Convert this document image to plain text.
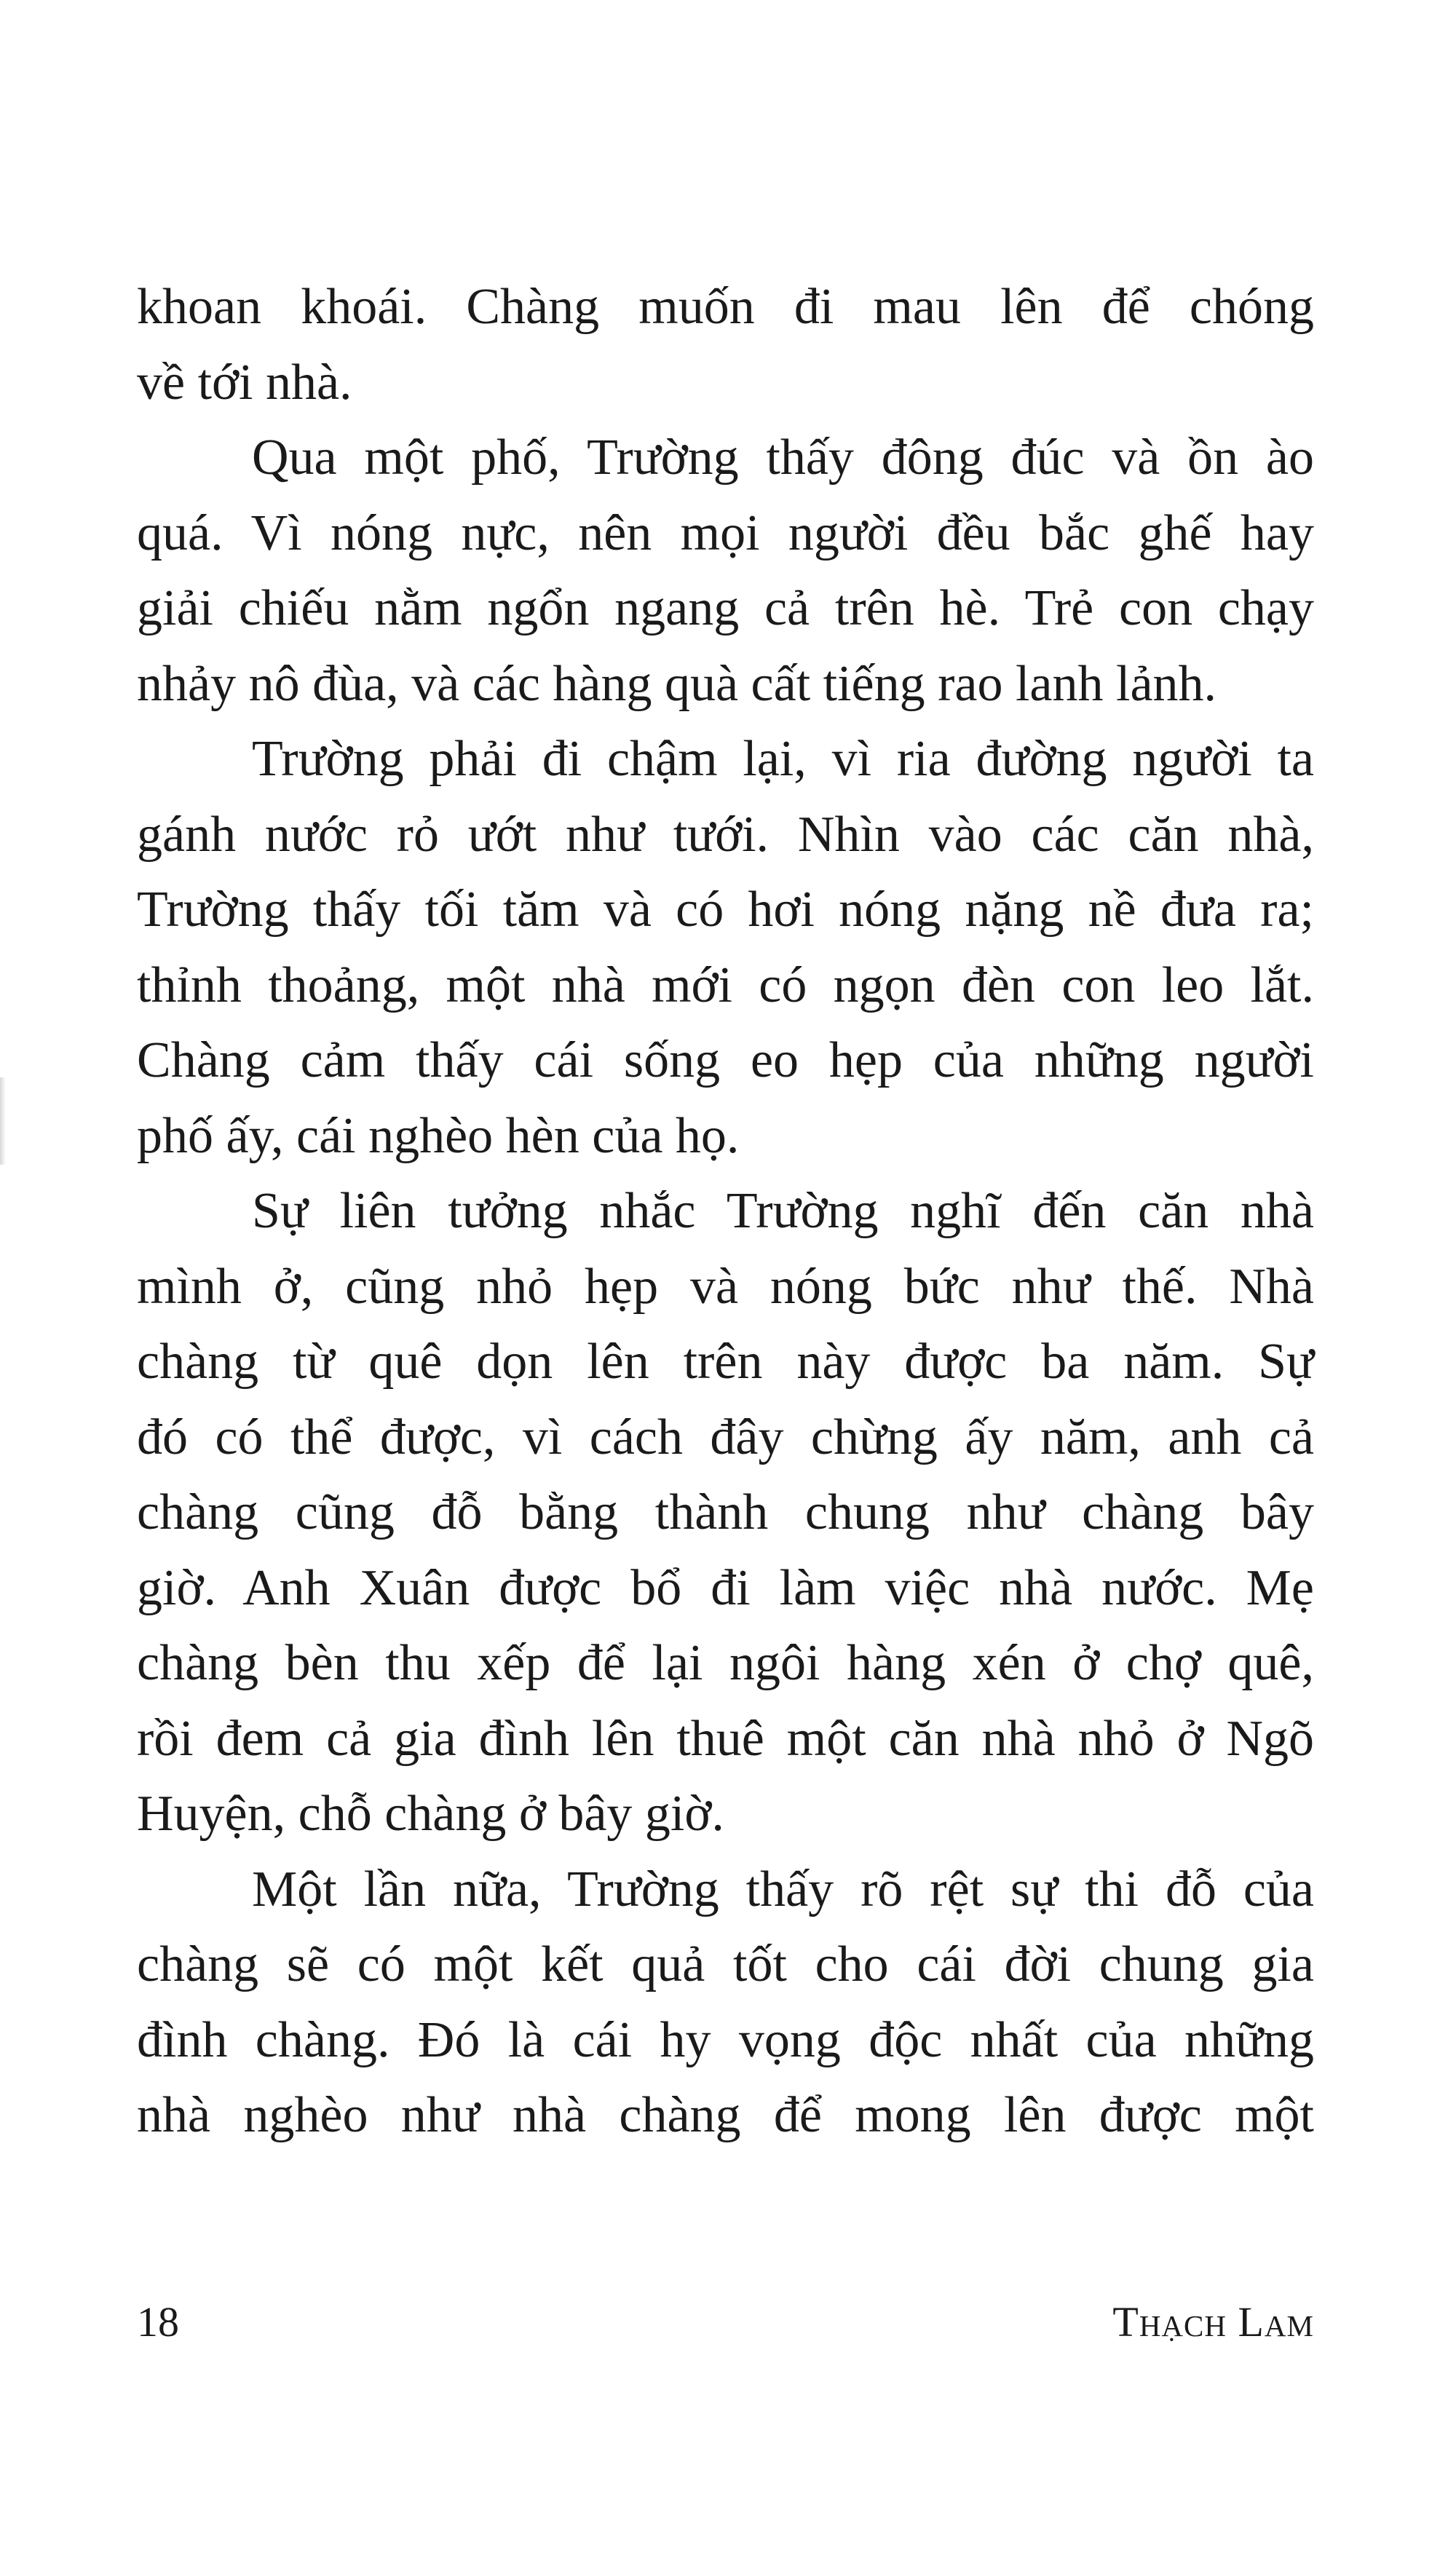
khoan khoái. Chàng muốn đi mau lên để chóng
về tới nhà.
Qua một phố, Trường thấy đông đúc và ồn ào
quá. Vì nóng nực, nên mọi người đều bắc ghế hay
giải chiếu nằm ngổn ngang cả trên hè. Trẻ con chạy
nhảy nô đùa, và các hàng quà cất tiếng rao lanh lảnh.
Trường phải đi chậm lại, vì ria đường người ta
gánh nước rỏ ướt như tưới. Nhìn vào các căn nhà,
Trường thấy tối tăm và có hơi nóng nặng nề đưa ra;
thỉnh thoảng, một nhà mới có ngọn đèn con leo lắt.
Chàng cảm thấy cái sống eo hẹp của những người
phố ấy, cái nghèo hèn của họ.
Sự liên tưởng nhắc Trường nghĩ đến căn nhà
mình ở, cũng nhỏ hẹp và nóng bức như thế. Nhà
chàng từ quê dọn lên trên này được ba năm. Sự
đó có thể được, vì cách đây chừng ấy năm, anh cả
chàng cũng đỗ bằng thành chung như chàng bây
giờ. Anh Xuân được bổ đi làm việc nhà nước. Mẹ
chàng bèn thu xếp để lại ngôi hàng xén ở chợ quê,
rồi đem cả gia đình lên thuê một căn nhà nhỏ ở Ngõ
Huyện, chỗ chàng ở bây giờ.
Một lần nữa, Trường thấy rõ rệt sự thi đỗ của
chàng sẽ có một kết quả tốt cho cái đời chung gia
đình chàng. Đó là cái hy vọng độc nhất của những
nhà nghèo như nhà chàng để mong lên được một
18	Thạch Lam
